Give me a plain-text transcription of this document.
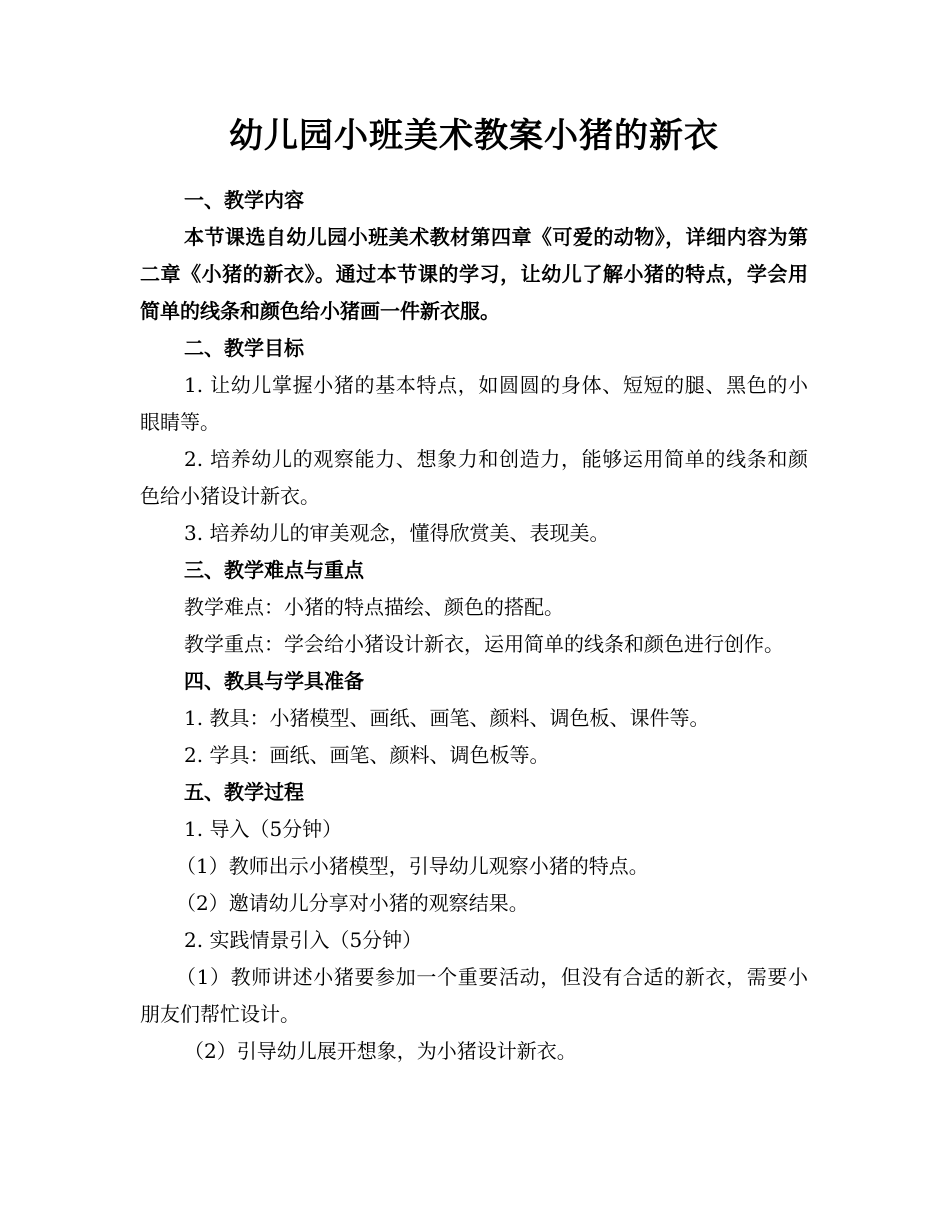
幼儿园小班美术教案小猪的新衣

一、教学内容

本节课选自幼儿园小班美术教材第四章《可爱的动物》，详细内容为第二章《小猪的新衣》。通过本节课的学习，让幼儿了解小猪的特点，学会用简单的线条和颜色给小猪画一件新衣服。

二、教学目标

1. 让幼儿掌握小猪的基本特点，如圆圆的身体、短短的腿、黑色的小眼睛等。

2. 培养幼儿的观察能力、想象力和创造力，能够运用简单的线条和颜色给小猪设计新衣。

3. 培养幼儿的审美观念，懂得欣赏美、表现美。

三、教学难点与重点

教学难点：小猪的特点描绘、颜色的搭配。

教学重点：学会给小猪设计新衣，运用简单的线条和颜色进行创作。

四、教具与学具准备

1. 教具：小猪模型、画纸、画笔、颜料、调色板、课件等。

2. 学具：画纸、画笔、颜料、调色板等。

五、教学过程

1. 导入（5分钟）

（1）教师出示小猪模型，引导幼儿观察小猪的特点。

（2）邀请幼儿分享对小猪的观察结果。

2. 实践情景引入（5分钟）

（1）教师讲述小猪要参加一个重要活动，但没有合适的新衣，需要小朋友们帮忙设计。

（2）引导幼儿展开想象，为小猪设计新衣。
